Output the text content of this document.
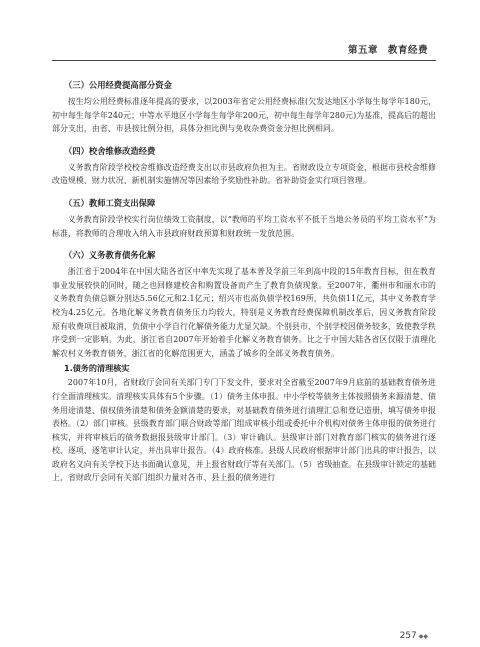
第五章　教育经费
（三）公用经费提高部分资金

按生均公用经费标准逐年提高的要求，以2003年省定公用经费标准(欠发达地区小学每生每学年180元，初中每生每学年240元；中等水平地区小学每生每学年200元，初中每生每学年280元)为基准，提高后的超出部分支出，由省、市县按比例分担，具体分担比例与免收杂费资金分担比例相同。

（四）校舍维修改造经费

义务教育阶段学校校舍维修改造经费支出以市县政府负担为主。省财政设立专项资金，根据市县校舍维修改造规模、财力状况、新机制实施情况等因素给予奖励性补助。省补助资金实行项目管理。

（五）教师工资支出保障

义务教育阶段学校实行岗位绩效工资制度，以“教师的平均工资水平不低于当地公务员的平均工资水平”为标准，将教师的合理收入纳入市县政府财政预算和财政统一发放范围。

（六）义务教育债务化解

浙江省于2004年在中国大陆各省区中率先实现了基本普及学前三年到高中段的15年教育目标，但在教育事业发展较快的同时，随之也回修建校舍和购置设备而产生了教育负债现象。至2007年，衢州市和丽水市的义务教育负债总额分别达5.56亿元和2.1亿元；绍兴市也高负债学校169所，共负债11亿元，其中义务教育学校为4.25亿元。各地化解义务教育债务压力均较大，特别是义务教育经费保障机制改革后，因义务教育阶段原有收费项目被取消，负债中小学自行化解债务能力尤显欠缺。个别县市、个别学校因债务较多，致使教学秩序受到一定影响。为此，浙江省自2007年开始着手化解义务教育债务。比之于中国大陆各省区仅限于清理化解农村义务教育债务，浙江省的化解范围更大，涵盖了城乡的全部义务教育债务。

1.债务的清理核实

2007年10月，省财政厅会同有关部门专门下发文件，要求对全省截至2007年9月底前的基础教育债务进行全面清理核实。清理核实具体有5个步骤。（1）债务主体申报。中小学校等债务主体按照债务来源清楚、债务用途清楚、债权债务清楚和债务金额清楚的要求，对基础教育债务进行清理汇总和登记造册，填写债务申报表格。（2）部门审核。县级教育部门联合财政等部门组成审核小组或委托中介机构对债务主体申报的债务进行核实，并将审核后的债务数据报县级审计部门。（3）审计确认。县级审计部门对教育部门核实的债务进行逐校、逐项、逐笔审计认定，并出具审计报告。（4）政府核准。县级人民政府根据审计部门出具的审计报告，以政府名义向有关学校下达书面确认意见，并上报省财政厅等有关部门。（5）省级抽查。在县级审计锁定的基础上，省财政厅会同有关部门组织力量对各市、县上报的债务进行

257 ◆◆
